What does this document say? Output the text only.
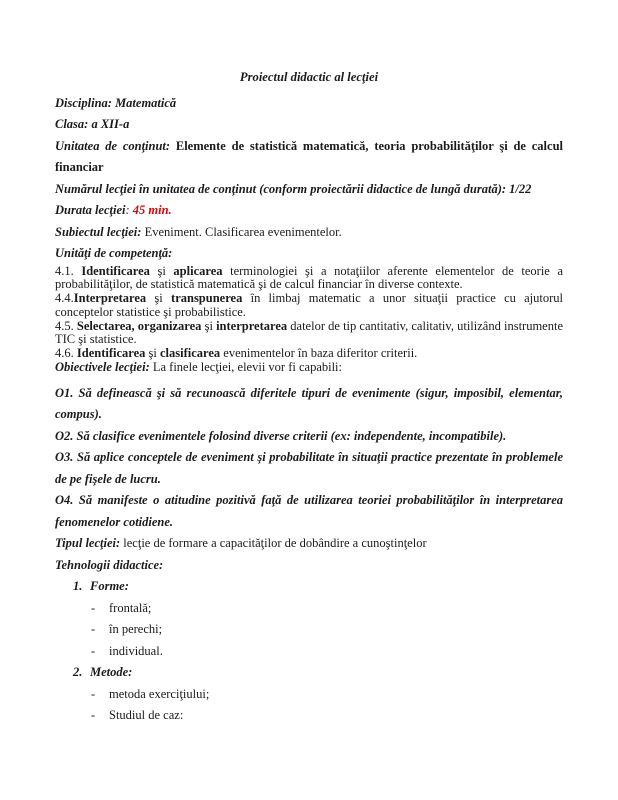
Proiectul didactic al lecţiei

Disciplina: Matematică

Clasa: a XII-a

Unitatea de conţinut: Elemente de statistică matematică, teoria probabilităţilor şi de calcul financiar

Numărul lecţiei în unitatea de conţinut (conform proiectării didactice de lungă durată): 1/22

Durata lecţiei: 45 min.

Subiectul lecţiei: Eveniment. Clasificarea evenimentelor.

Unităţi de competenţă:

4.1. Identificarea şi aplicarea terminologiei şi a notaţiilor aferente elementelor de teorie a probabilităţilor, de statistică matematică şi de calcul financiar în diverse contexte.

4.4.Interpretarea şi transpunerea în limbaj matematic a unor situaţii practice cu ajutorul conceptelor statistice şi probabilistice.

4.5. Selectarea, organizarea şi interpretarea datelor de tip cantitativ, calitativ, utilizând instrumente TIC şi statistice.

4.6. Identificarea şi clasificarea evenimentelor în baza diferitor criterii.

Obiectivele lecţiei: La finele lecţiei, elevii vor fi capabili:

O1. Să definească şi să recunoască diferitele tipuri de evenimente (sigur, imposibil, elementar, compus).

O2. Să clasifice evenimentele folosind diverse criterii (ex: independente, incompatibile).

O3. Să aplice conceptele de eveniment şi probabilitate în situaţii practice prezentate în problemele de pe fişele de lucru.

O4. Să manifeste o atitudine pozitivă faţă de utilizarea teoriei probabilităţilor în interpretarea fenomenelor cotidiene.

Tipul lecţiei: lecţie de formare a capacităţilor de dobândire a cunoştinţelor

Tehnologii didactice:

1. Forme:

- frontală;

- în perechi;

- individual.

2. Metode:

- metoda exerciţiului;

- Studiul de caz:
